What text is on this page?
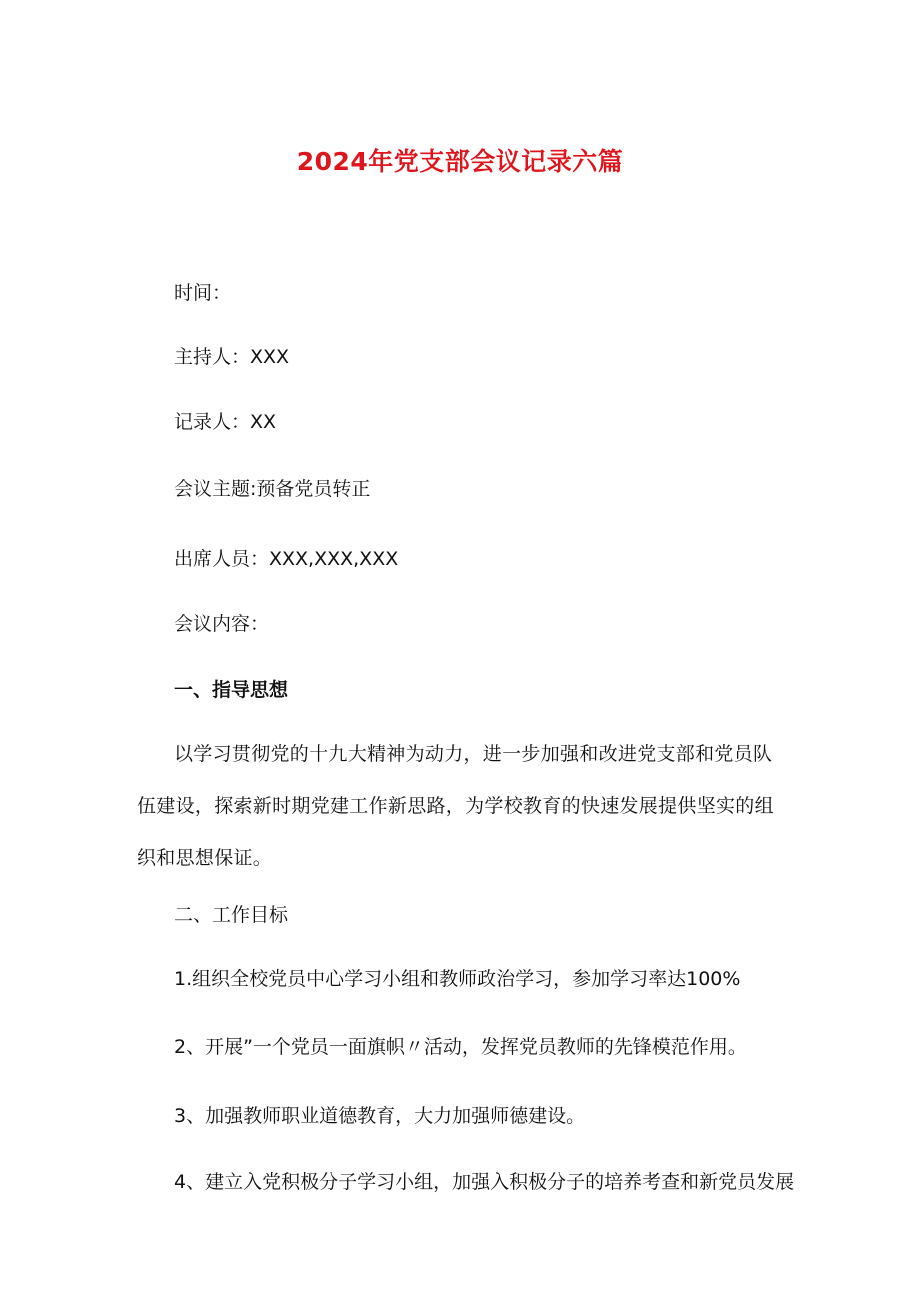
2024年党支部会议记录六篇
时间：
主持人：XXX
记录人：XX
会议主题:预备党员转正
出席人员：XXX,XXX,XXX
会议内容：
一、指导思想
以学习贯彻党的十九大精神为动力，进一步加强和改进党支部和党员队伍建设，探索新时期党建工作新思路，为学校教育的快速发展提供坚实的组织和思想保证。
二、工作目标
1.组织全校党员中心学习小组和教师政治学习，参加学习率达100%
2、开展”一个党员一面旗帜〃活动，发挥党员教师的先锋模范作用。
3、加强教师职业道德教育，大力加强师德建设。
4、建立入党积极分子学习小组，加强入积极分子的培养考查和新党员发展
